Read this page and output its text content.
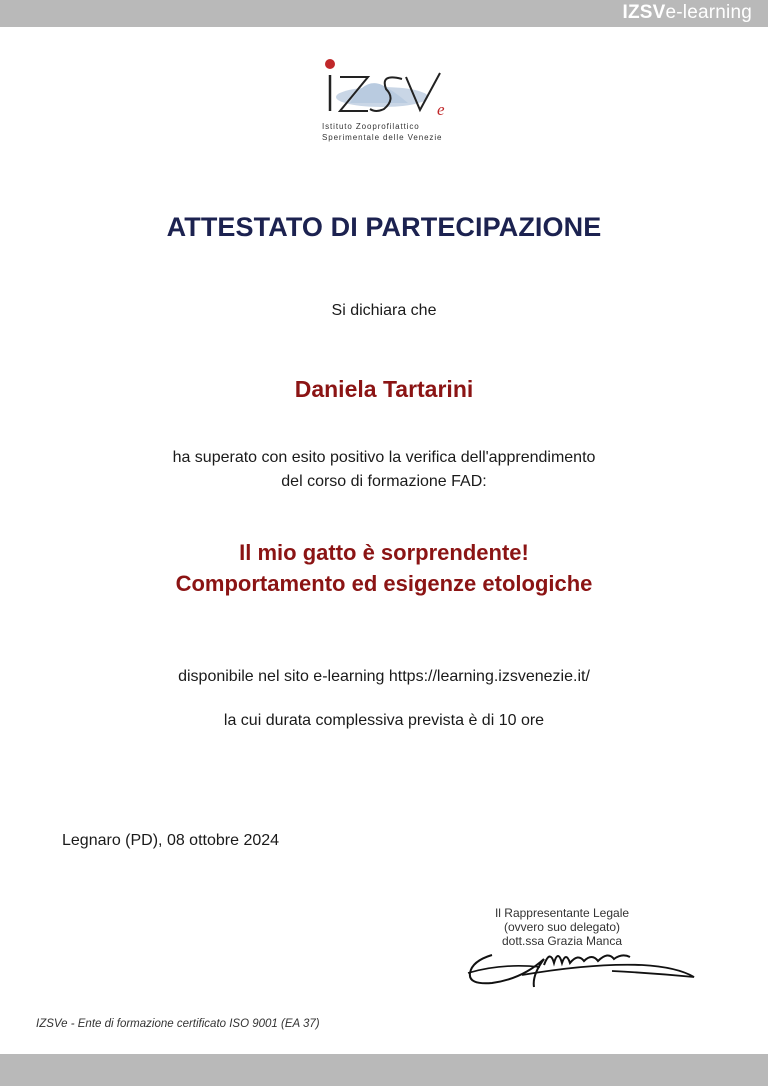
IZSVe-learning
e
Istituto Zooprofilattico
Sperimentale delle Venezie
ATTESTATO DI PARTECIPAZIONE
Si dichiara che
Daniela Tartarini
ha superato con esito positivo la verifica dell'apprendimento
del corso di formazione FAD:
Il mio gatto è sorprendente!
Comportamento ed esigenze etologiche
disponibile nel sito e-learning https://learning.izsvenezie.it/
la cui durata complessiva prevista è di 10 ore
Legnaro (PD), 08 ottobre 2024
Il Rappresentante Legale
(ovvero suo delegato)
dott.ssa Grazia Manca
IZSVe - Ente di formazione certificato ISO 9001 (EA 37)
